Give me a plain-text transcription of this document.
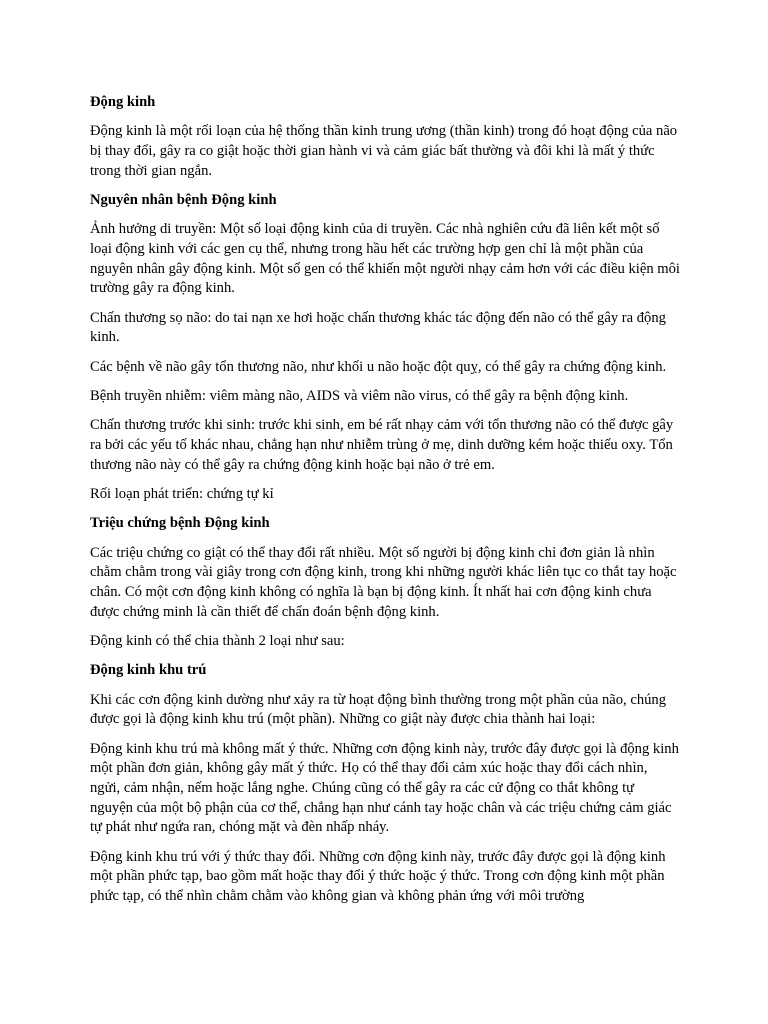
Động kinh

Động kinh là một rối loạn của hệ thống thần kinh trung ương (thần kinh) trong đó hoạt động của não bị thay đổi, gây ra co giật hoặc thời gian hành vi và cảm giác bất thường và đôi khi là mất ý thức trong thời gian ngắn.

Nguyên nhân bệnh Động kinh

Ảnh hưởng di truyền: Một số loại động kinh của di truyền. Các nhà nghiên cứu đã liên kết một số loại động kinh với các gen cụ thể, nhưng trong hầu hết các trường hợp gen chỉ là một phần của nguyên nhân gây động kinh. Một số gen có thể khiến một người nhạy cảm hơn với các điều kiện môi trường gây ra động kinh.

Chấn thương sọ não: do tai nạn xe hơi hoặc chấn thương khác tác động đến não có thể gây ra động kinh.

Các bệnh về não gây tổn thương não, như khối u não hoặc đột quỵ, có thể gây ra chứng động kinh.

Bệnh truyền nhiễm: viêm màng não, AIDS và viêm não virus, có thể gây ra bệnh động kinh.

Chấn thương trước khi sinh: trước khi sinh, em bé rất nhạy cảm với tổn thương não có thể được gây ra bởi các yếu tố khác nhau, chẳng hạn như nhiễm trùng ở mẹ, dinh dưỡng kém hoặc thiếu oxy. Tổn thương não này có thể gây ra chứng động kinh hoặc bại não ở trẻ em.

Rối loạn phát triển: chứng tự kỉ

Triệu chứng bệnh Động kinh

Các triệu chứng co giật có thể thay đổi rất nhiều. Một số người bị động kinh chỉ đơn giản là nhìn chằm chằm trong vài giây trong cơn động kinh, trong khi những người khác liên tục co thắt tay hoặc chân. Có một cơn động kinh không có nghĩa là bạn bị động kinh. Ít nhất hai cơn động kinh chưa được chứng minh là cần thiết để chẩn đoán bệnh động kinh.

Động kinh có thể chia thành 2 loại như sau:

Động kinh khu trú

Khi các cơn động kinh dường như xảy ra từ hoạt động bình thường trong một phần của não, chúng được gọi là động kinh khu trú (một phần). Những co giật này được chia thành hai loại:

Động kinh khu trú mà không mất ý thức. Những cơn động kinh này, trước đây được gọi là động kinh một phần đơn giản, không gây mất ý thức. Họ có thể thay đổi cảm xúc hoặc thay đổi cách nhìn, ngửi, cảm nhận, nếm hoặc lắng nghe. Chúng cũng có thể gây ra các cử động co thắt không tự nguyện của một bộ phận của cơ thể, chẳng hạn như cánh tay hoặc chân và các triệu chứng cảm giác tự phát như ngứa ran, chóng mặt và đèn nhấp nháy.

Động kinh khu trú với ý thức thay đổi. Những cơn động kinh này, trước đây được gọi là động kinh một phần phức tạp, bao gồm mất hoặc thay đổi ý thức hoặc ý thức. Trong cơn động kinh một phần phức tạp, có thể nhìn chằm chằm vào không gian và không phản ứng với môi trường
